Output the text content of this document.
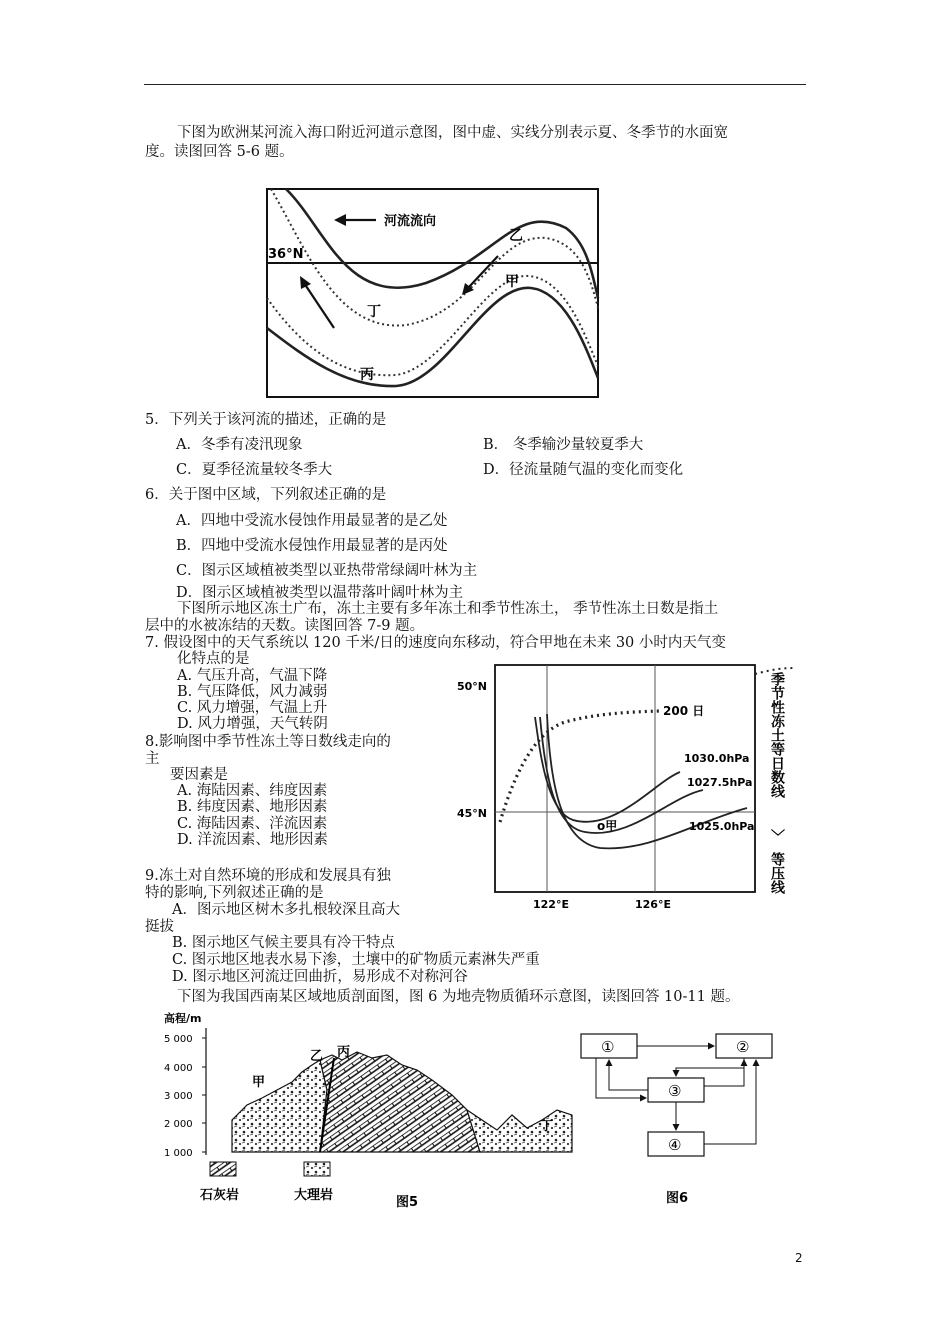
下图为欧洲某河流入海口附近河道示意图，图中虚、实线分别表示夏、冬季节的水面宽
度。读图回答 5-6 题。
河流流向
36°N
乙
甲
丁
丙
5．下列关于该河流的描述，正确的是
A．冬季有凌汛现象	B． 冬季输沙量较夏季大
C．夏季径流量较冬季大	D．径流量随气温的变化而变化
6．关于图中区域，下列叙述正确的是
A．四地中受流水侵蚀作用最显著的是乙处
B．四地中受流水侵蚀作用最显著的是丙处
C．图示区域植被类型以亚热带常绿阔叶林为主
D．图示区域植被类型以温带落叶阔叶林为主
下图所示地区冻土广布，冻土主要有多年冻土和季节性冻土， 季节性冻土日数是指土
层中的水被冻结的天数。读图回答 7-9 题。
7. 假设图中的天气系统以 120 千米/日的速度向东移动，符合甲地在未来 30 小时内天气变
化特点的是
A. 气压升高，气温下降
B. 气压降低，风力减弱
C. 风力增强，气温上升
D. 风力增强，天气转阴
8.影响图中季节性冻土等日数线走向的
主
要因素是
A. 海陆因素、纬度因素
B. 纬度因素、地形因素
C. 海陆因素、洋流因素
D. 洋流因素、地形因素
50°N
45°N
122°E	126°E
200 日
1030.0hPa
1027.5hPa
1025.0hPa
o甲
季节性冻土等日数线
〉
等压线
9.冻土对自然环境的形成和发展具有独
特的影响,下列叙述正确的是
A．图示地区树木多扎根较深且高大
挺拔
B. 图示地区气候主要具有冷干特点
C. 图示地区地表水易下渗，土壤中的矿物质元素淋失严重
D. 图示地区河流迂回曲折，易形成不对称河谷
下图为我国西南某区域地质剖面图，图 6 为地壳物质循环示意图，读图回答 10-11 题。
高程/m
5 000
4 000
3 000
2 000
1 000
甲
乙 丙
丁
石灰岩	大理岩	图5
①	②
③
④
图6
2
